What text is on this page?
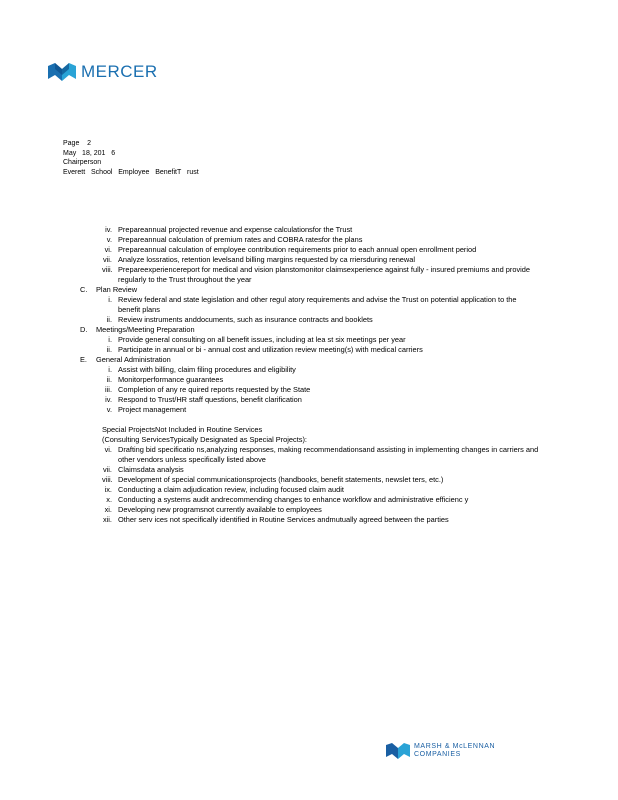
MERCER
Page    2
May   18, 201   6
Chairperson
Everett   School   Employee   BenefitT   rust
iv. Prepareannual projected revenue and expense calculationsfor the Trust
v. Prepareannual calculation of premium rates and COBRA ratesfor the plans
vi. Prepareannual calculation of employee contribution requirements prior to each annual open enrollment period
vii. Analyze lossratios, retention levelsand billing margins requested by ca rriersduring renewal
viii. Prepareexperiencereport for medical and vision planstomonitor claimsexperience against fully - insured premiums and provide regularly to the Trust throughout the year
C.	Plan Review
i. Review federal and state legislation and other regul atory requirements and advise the Trust on potential application to the benefit plans
ii. Review instruments anddocuments, such as insurance contracts and booklets
D.	Meetings/Meeting Preparation
i. Provide general consulting on all benefit issues, including at lea st six meetings per year
ii. Participate in annual or bi - annual cost and utilization review meeting(s) with medical carriers
E.	General Administration
i. Assist with billing, claim filing procedures and eligibility
ii. Monitorperformance guarantees
iii. Completion of any re quired reports requested by the State
iv. Respond to Trust/HR staff questions, benefit clarification
v. Project management
Special ProjectsNot Included in Routine Services
(Consulting ServicesTypically Designated as Special Projects):
vi. Drafting bid specificatio ns,analyzing responses, making recommendationsand assisting in implementing changes in carriers and other vendors unless specifically listed above
vii. Claimsdata analysis
viii. Development of special communicationsprojects (handbooks, benefit statements, newslet ters, etc.)
ix. Conducting a claim adjudication review, including focused claim audit
x. Conducting a systems audit andrecommending changes to enhance workflow and administrative efficienc y
xi. Developing new programsnot currently available to employees
xii. Other serv ices not specifically identified in Routine Services andmutually agreed between the parties
MARSH & McLENNAN
COMPANIES
